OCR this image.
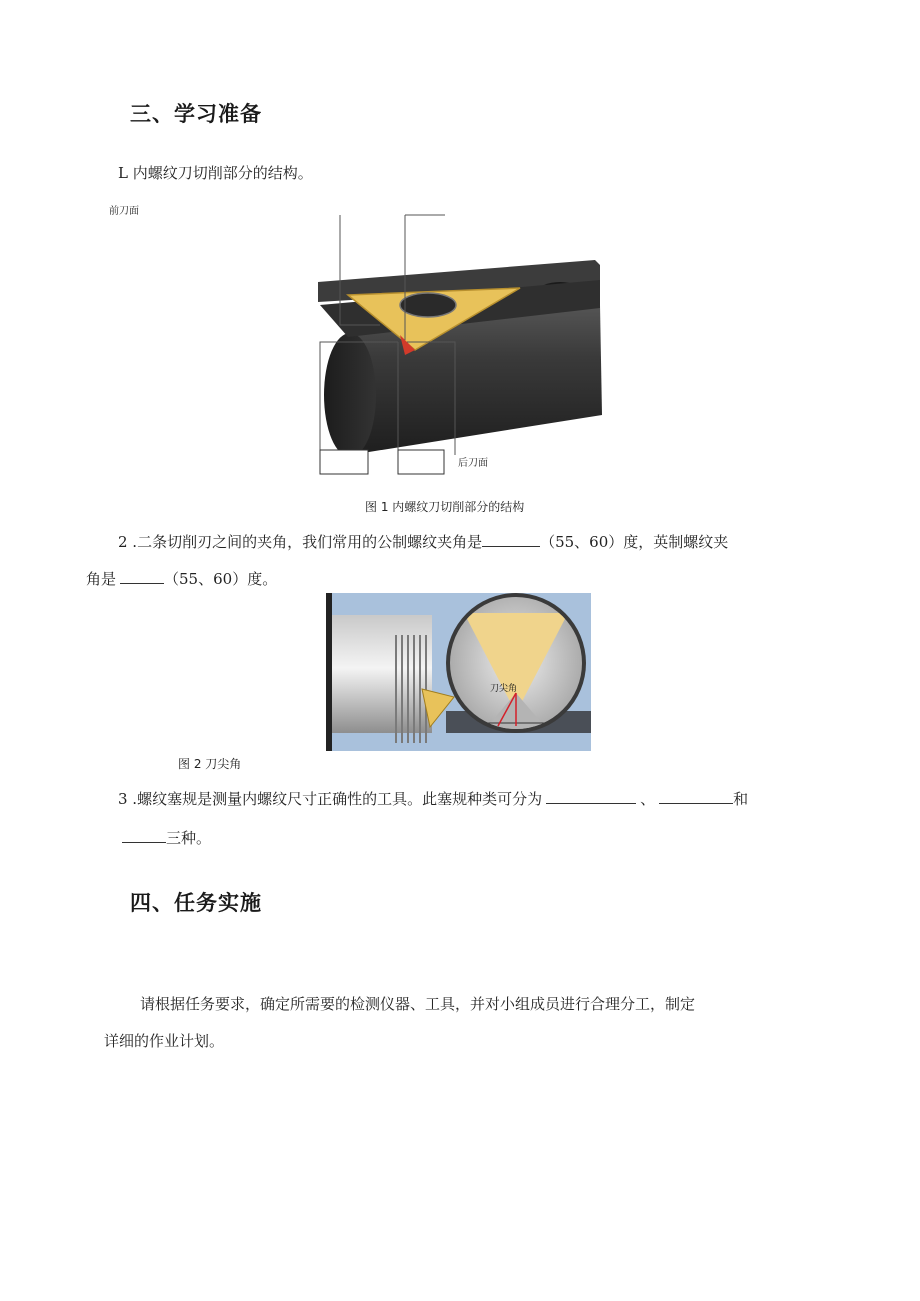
三、学习准备
L 内螺纹刀切削部分的结构。
前刀面
后刀面
图 1 内螺纹刀切削部分的结构
2 .二条切削刃之间的夹角，我们常用的公制螺纹夹角是	（55、60）度，英制螺纹夹
角是	（55、60）度。
刀尖角
图 2 刀尖角
3 .螺纹塞规是测量内螺纹尺寸正确性的工具。此塞规种类可分为	、	和
三种。
四、任务实施
请根据任务要求，确定所需要的检测仪器、工具，并对小组成员进行合理分工，制定
详细的作业计划。
